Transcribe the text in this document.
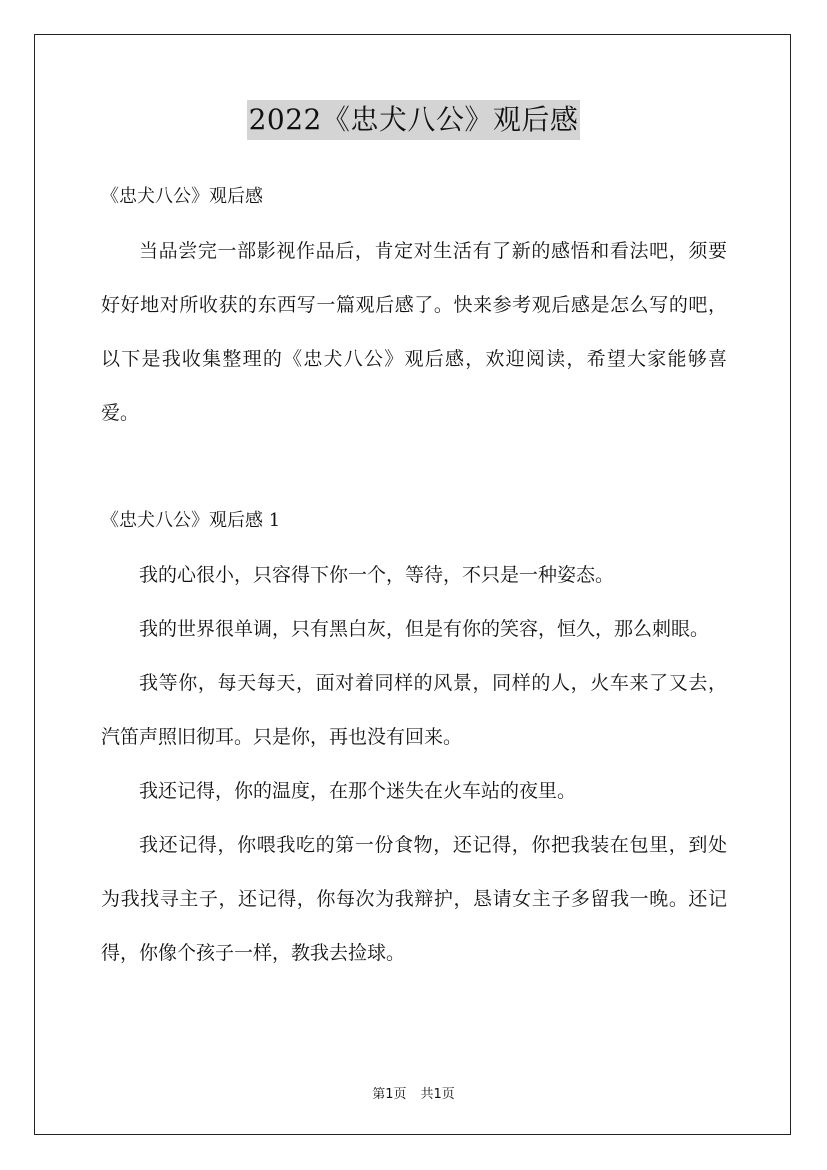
2022《忠犬八公》观后感

《忠犬八公》观后感

当品尝完一部影视作品后，肯定对生活有了新的感悟和看法吧，须要好好地对所收获的东西写一篇观后感了。快来参考观后感是怎么写的吧，以下是我收集整理的《忠犬八公》观后感，欢迎阅读，希望大家能够喜爱。

《忠犬八公》观后感 1

我的心很小，只容得下你一个，等待，不只是一种姿态。

我的世界很单调，只有黑白灰，但是有你的笑容，恒久，那么刺眼。

我等你，每天每天，面对着同样的风景，同样的人，火车来了又去，汽笛声照旧彻耳。只是你，再也没有回来。

我还记得，你的温度，在那个迷失在火车站的夜里。

我还记得，你喂我吃的第一份食物，还记得，你把我装在包里，到处为我找寻主子，还记得，你每次为我辩护，恳请女主子多留我一晚。还记得，你像个孩子一样，教我去捡球。

第1页 共1页
